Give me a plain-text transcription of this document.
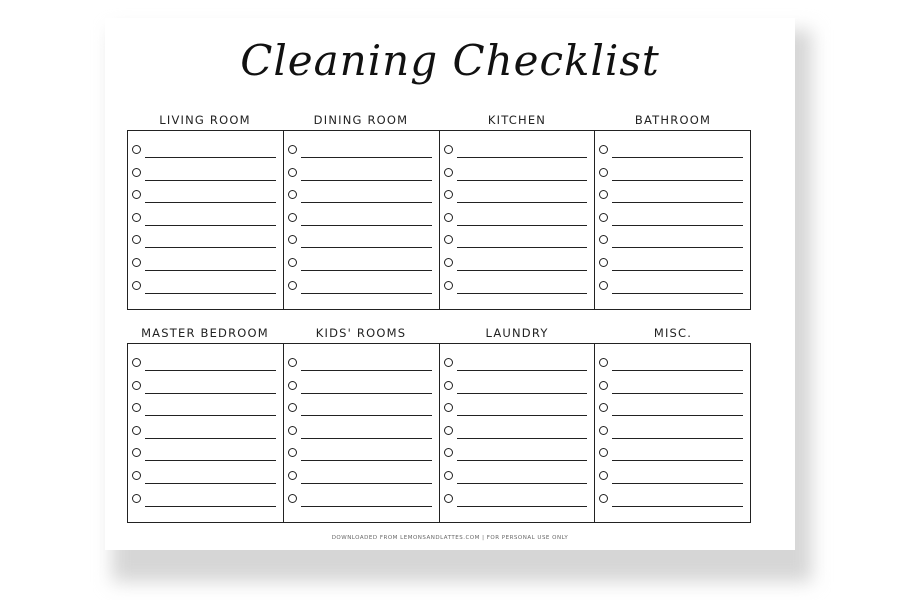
Cleaning Checklist
LIVING ROOM	DINING ROOM	KITCHEN	BATHROOM
MASTER BEDROOM	KIDS' ROOMS	LAUNDRY	MISC.
DOWNLOADED FROM LEMONSANDLATTES.COM | FOR PERSONAL USE ONLY
